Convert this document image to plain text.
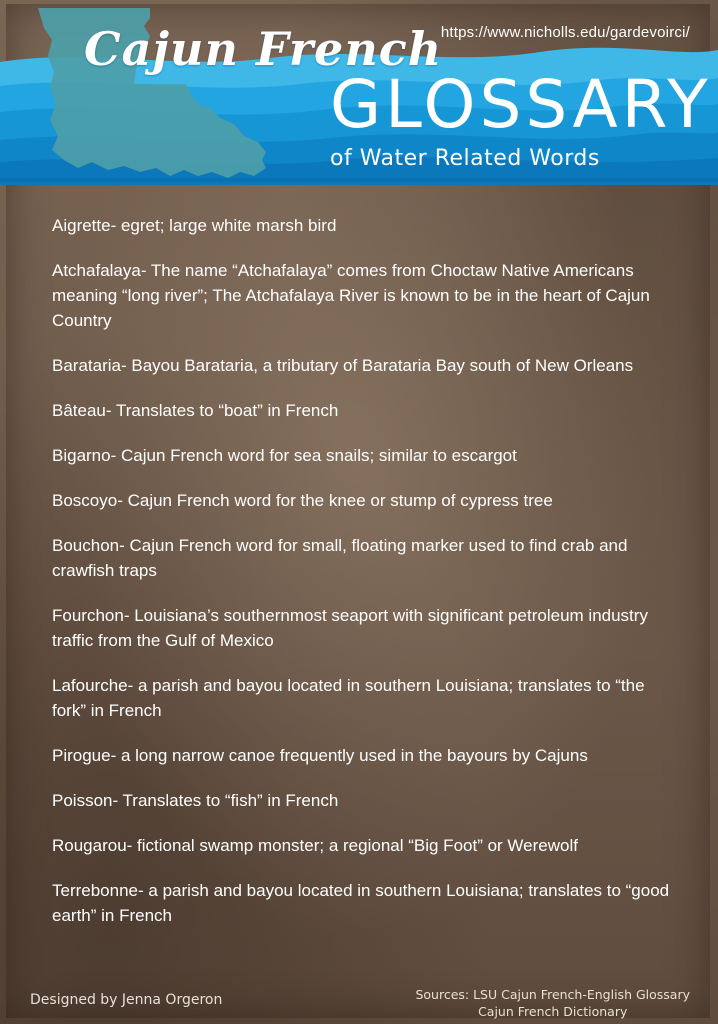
https://www.nicholls.edu/gardevoirci/
Cajun French
GLOSSARY
of Water Related Words
Aigrette- egret; large white marsh bird
Atchafalaya- The name “Atchafalaya” comes from Choctaw Native Americans meaning “long river”; The Atchafalaya River is known to be in the heart of Cajun Country
Barataria- Bayou Barataria, a tributary of Barataria Bay south of New Orleans
Bâteau- Translates to “boat” in French
Bigarno- Cajun French word for sea snails; similar to escargot
Boscoyo- Cajun French word for the knee or stump of cypress tree
Bouchon- Cajun French word for small, floating marker used to find crab and crawfish traps
Fourchon- Louisiana’s southernmost seaport with significant petroleum industry traffic from the Gulf of Mexico
Lafourche- a parish and bayou located in southern Louisiana; translates to “the fork” in French
Pirogue- a long narrow canoe frequently used in the bayours by Cajuns
Poisson- Translates to “fish” in French
Rougarou- fictional swamp monster; a regional “Big Foot” or Werewolf
Terrebonne- a parish and bayou located in southern Louisiana; translates to “good earth” in French
Designed by Jenna Orgeron	Sources: LSU Cajun French-English Glossary
Cajun French Dictionary
